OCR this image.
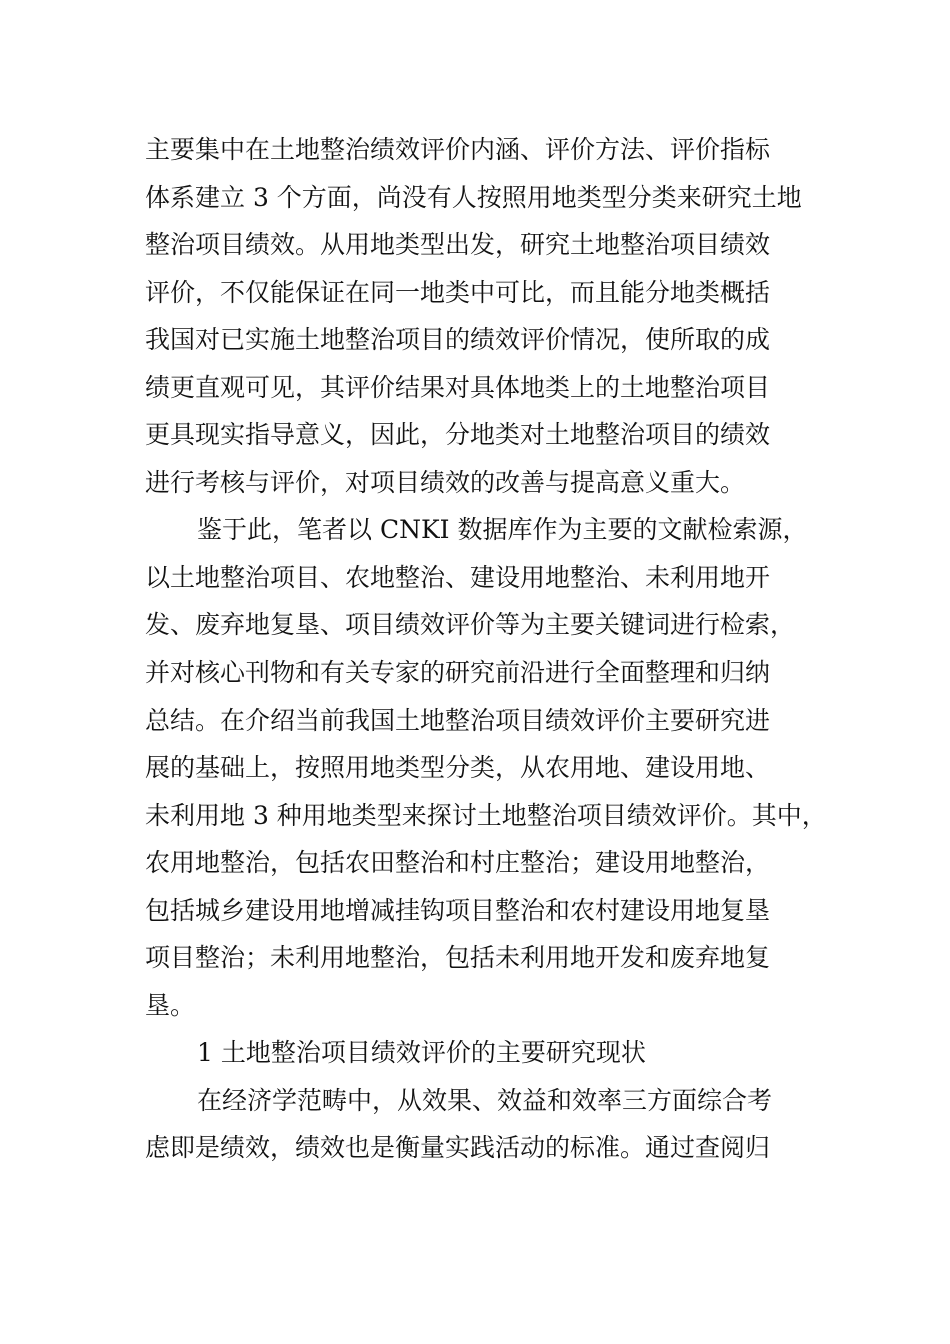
主要集中在土地整治绩效评价内涵、评价方法、评价指标
体系建立 3 个方面，尚没有人按照用地类型分类来研究土地
整治项目绩效。从用地类型出发，研究土地整治项目绩效
评价，不仅能保证在同一地类中可比，而且能分地类概括
我国对已实施土地整治项目的绩效评价情况，使所取的成
绩更直观可见，其评价结果对具体地类上的土地整治项目
更具现实指导意义，因此，分地类对土地整治项目的绩效
进行考核与评价，对项目绩效的改善与提高意义重大。
鉴于此，笔者以 CNKI 数据库作为主要的文献检索源，
以土地整治项目、农地整治、建设用地整治、未利用地开
发、废弃地复垦、项目绩效评价等为主要关键词进行检索，
并对核心刊物和有关专家的研究前沿进行全面整理和归纳
总结。在介绍当前我国土地整治项目绩效评价主要研究进
展的基础上，按照用地类型分类，从农用地、建设用地、
未利用地 3 种用地类型来探讨土地整治项目绩效评价。其中，
农用地整治，包括农田整治和村庄整治；建设用地整治，
包括城乡建设用地增减挂钩项目整治和农村建设用地复垦
项目整治；未利用地整治，包括未利用地开发和废弃地复
垦。
1 土地整治项目绩效评价的主要研究现状
在经济学范畴中，从效果、效益和效率三方面综合考
虑即是绩效，绩效也是衡量实践活动的标准。通过查阅归
